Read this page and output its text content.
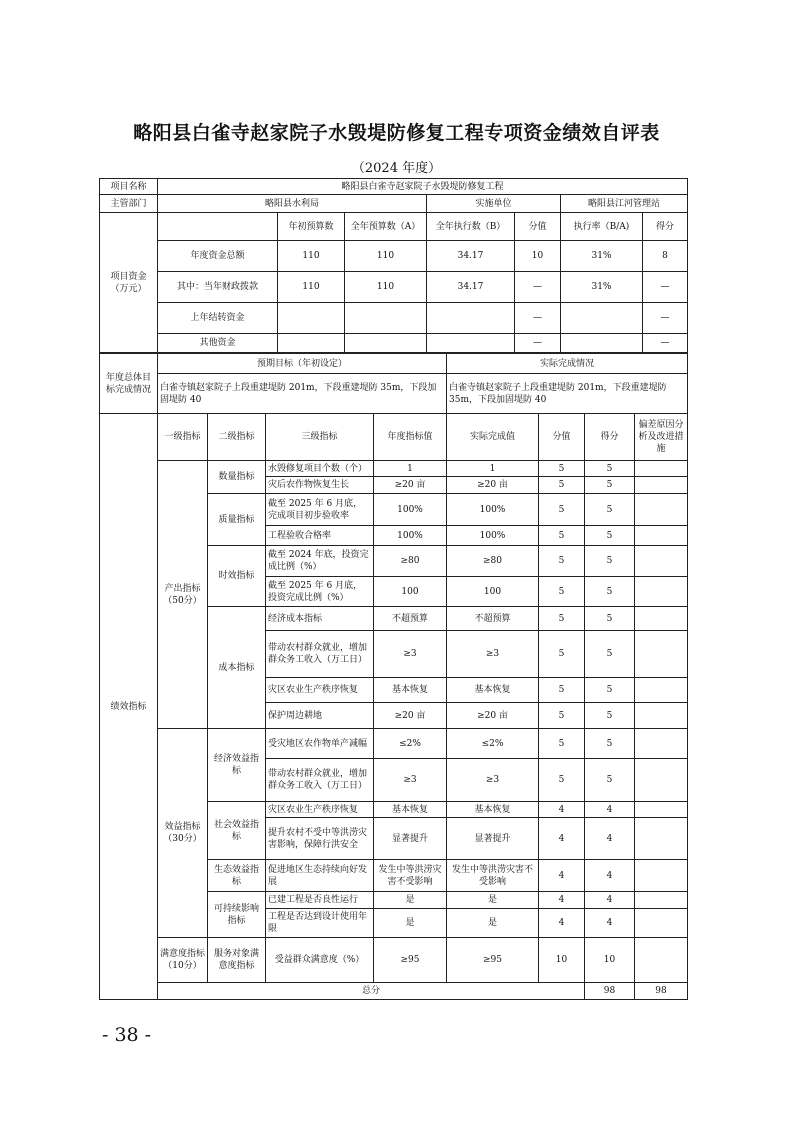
略阳县白雀寺赵家院子水毁堤防修复工程专项资金绩效自评表
（2024 年度）
项目名称	略阳县白雀寺赵家院子水毁堤防修复工程						
主管部门	略阳县水利局			实施单位		略阳县江河管理站	
项目资金（万元）		年初预算数	全年预算数（A）	全年执行数（B）	分值	执行率（B/A)	得分
	年度资金总额	110	110	34.17	10	31%	8
	其中：当年财政拨款	110	110	34.17	—	31%	—
	上年结转资金				—		—
	其他资金				—		—
年度总体目标完成情况	预期目标（年初设定）	实际完成情况
	白雀寺镇赵家院子上段重建堤防 201m，下段重建堤防 35m，下段加固堤防 40	白雀寺镇赵家院子上段重建堤防 201m，下段重建堤防 35m，下段加固堤防 40
绩效指标	一级指标	二级指标	三级指标	年度指标值	实际完成值	分值	得分	偏差原因分析及改进措施	
	产出指标（50分）	数量指标	水毁修复项目个数（个）	1	1	5	5		
			灾后农作物恢复生长	≥20 亩	≥20 亩	5	5		
		质量指标	截至 2025 年 6 月底，完成项目初步验收率	100%	100%	5	5		
			工程验收合格率	100%	100%	5	5		
		时效指标	截至 2024 年底，投资完成比例（%）	≥80	≥80	5	5		
			截至 2025 年 6 月底，投资完成比例（%）	100	100	5	5		
		成本指标	经济成本指标	不超预算	不超预算	5	5		
			带动农村群众就业，增加群众务工收入（万工日）	≥3	≥3	5	5		
			灾区农业生产秩序恢复	基本恢复	基本恢复	5	5		
			保护周边耕地	≥20 亩	≥20 亩	5	5		
	效益指标（30分）	经济效益指标	受灾地区农作物单产减幅	≤2%	≤2%	5	5		
			带动农村群众就业，增加群众务工收入（万工日）	≥3	≥3	5	5		
		社会效益指标	灾区农业生产秩序恢复	基本恢复	基本恢复	4	4		
			提升农村不受中等洪涝灾害影响，保障行洪安全	显著提升	显著提升	4	4		
		生态效益指标	促进地区生态持续向好发展	发生中等洪涝灾害不受影响	发生中等洪涝灾害不受影响	4	4		
		可持续影响指标	已建工程是否良性运行	是	是	4	4		
			工程是否达到设计使用年限	是	是	4	4		
	满意度指标（10分）	服务对象满意度指标	受益群众满意度（%）	≥95	≥95	10	10		
	总分						98	98	
- 38 -
